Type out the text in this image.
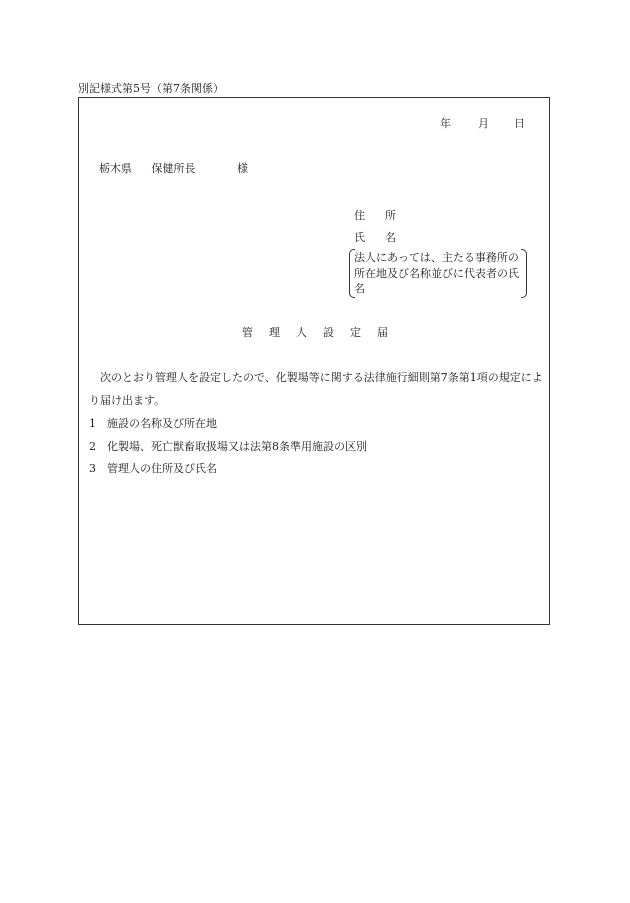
別記様式第5号（第7条関係）
年 月 日
栃木県 保健所長	様
住 所
氏 名
法人にあっては、主たる事務所の所在地及び名称並びに代表者の氏名
管 理 人 設 定 届
次のとおり管理人を設定したので、化製場等に関する法律施行細則第7条第1項の規定により届け出ます。
1 施設の名称及び所在地
2 化製場、死亡獣畜取扱場又は法第8条準用施設の区別
3 管理人の住所及び氏名
